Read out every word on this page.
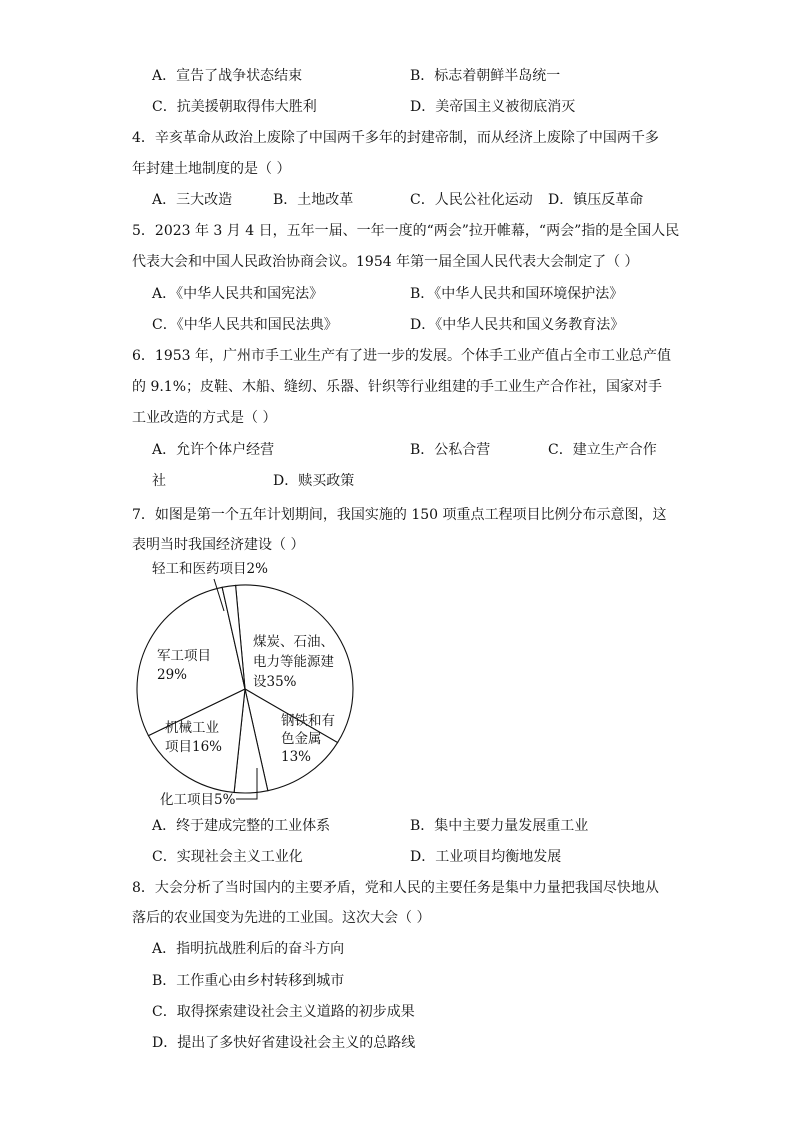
A．宣告了战争状态结束	B．标志着朝鲜半岛统一
C．抗美援朝取得伟大胜利	D．美帝国主义被彻底消灭
4．辛亥革命从政治上废除了中国两千多年的封建帝制，而从经济上废除了中国两千多
年封建土地制度的是（ ）
A．三大改造	B．土地改革	C．人民公社化运动 D．镇压反革命
5．2023 年 3 月 4 日，五年一届、一年一度的“两会”拉开帷幕，“两会”指的是全国人民
代表大会和中国人民政治协商会议。1954 年第一届全国人民代表大会制定了（ ）
A．《中华人民共和国宪法》	B．《中华人民共和国环境保护法》
C．《中华人民共和国民法典》	D．《中华人民共和国义务教育法》
6．1953 年，广州市手工业生产有了进一步的发展。个体手工业产值占全市工业总产值
的 9.1%；皮鞋、木船、缝纫、乐器、针织等行业组建的手工业生产合作社，国家对手
工业改造的方式是（ ）
A．允许个体户经营	B．公私合营	C．建立生产合作
社	D．赎买政策
7．如图是第一个五年计划期间，我国实施的 150 项重点工程项目比例分布示意图，这
表明当时我国经济建设（ ）
煤炭、石油、
电力等能源建
设35%
钢铁和有
色金属
13%
机械工业
项目16%
军工项目
29%
轻工和医药项目2%
化工项目5%
A．终于建成完整的工业体系	B．集中主要力量发展重工业
C．实现社会主义工业化	D．工业项目均衡地发展
8．大会分析了当时国内的主要矛盾，党和人民的主要任务是集中力量把我国尽快地从
落后的农业国变为先进的工业国。这次大会（ ）
A．指明抗战胜利后的奋斗方向
B．工作重心由乡村转移到城市
C．取得探索建设社会主义道路的初步成果
D．提出了多快好省建设社会主义的总路线
